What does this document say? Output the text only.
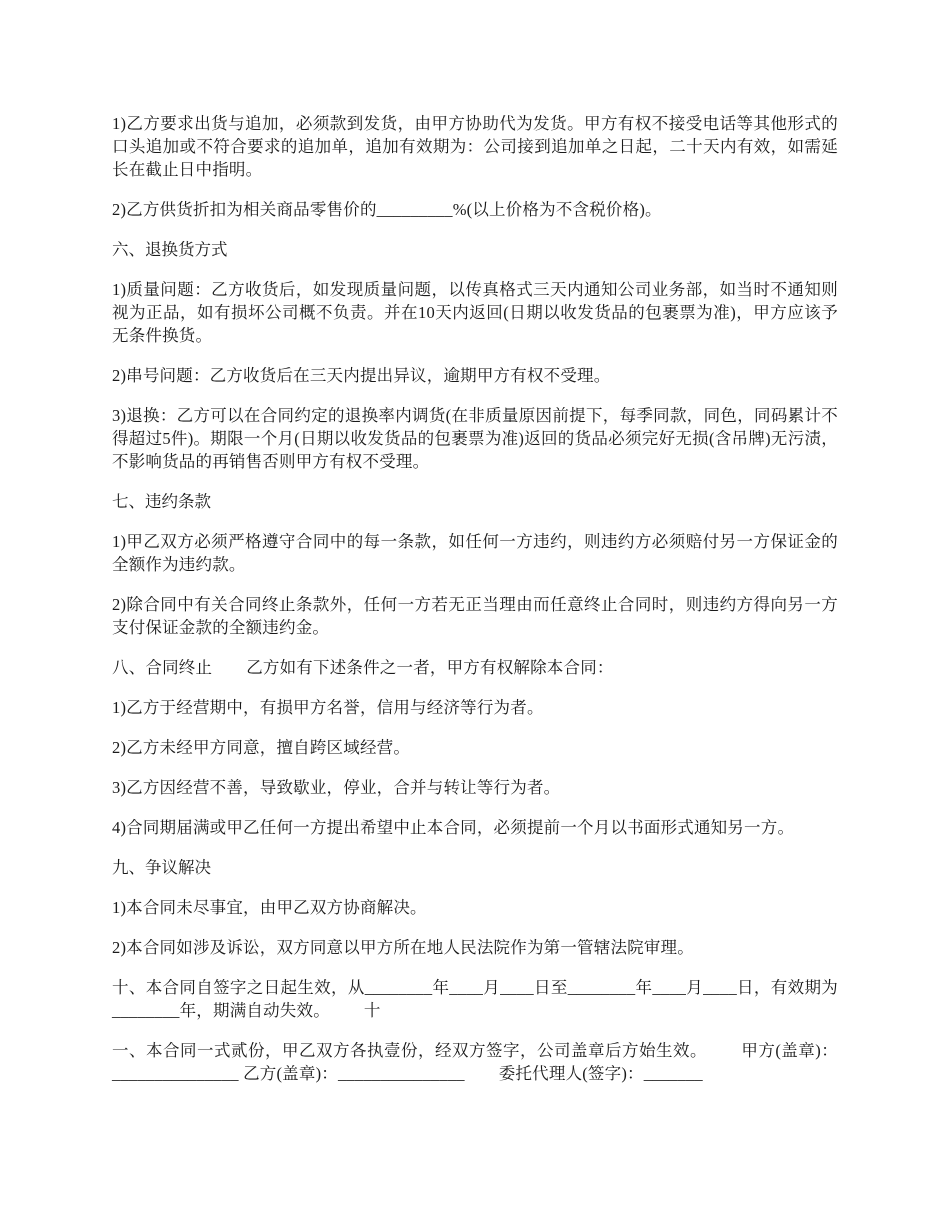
1)乙方要求出货与追加，必须款到发货，由甲方协助代为发货。甲方有权不接受电话等其他形式的口头追加或不符合要求的追加单，追加有效期为：公司接到追加单之日起，二十天内有效，如需延长在截止日中指明。

2)乙方供货折扣为相关商品零售价的_________%(以上价格为不含税价格)。

六、退换货方式

1)质量问题：乙方收货后，如发现质量问题，以传真格式三天内通知公司业务部，如当时不通知则视为正品，如有损坏公司概不负责。并在10天内返回(日期以收发货品的包裹票为准)，甲方应该予无条件换货。

2)串号问题：乙方收货后在三天内提出异议，逾期甲方有权不受理。

3)退换：乙方可以在合同约定的退换率内调货(在非质量原因前提下，每季同款，同色，同码累计不得超过5件)。期限一个月(日期以收发货品的包裹票为准)返回的货品必须完好无损(含吊牌)无污渍，不影响货品的再销售否则甲方有权不受理。

七、违约条款

1)甲乙双方必须严格遵守合同中的每一条款，如任何一方违约，则违约方必须赔付另一方保证金的全额作为违约款。

2)除合同中有关合同终止条款外，任何一方若无正当理由而任意终止合同时，则违约方得向另一方支付保证金款的全额违约金。

八、合同终止 乙方如有下述条件之一者，甲方有权解除本合同：

1)乙方于经营期中，有损甲方名誉，信用与经济等行为者。

2)乙方未经甲方同意，擅自跨区域经营。

3)乙方因经营不善，导致歇业，停业，合并与转让等行为者。

4)合同期届满或甲乙任何一方提出希望中止本合同，必须提前一个月以书面形式通知另一方。

九、争议解决

1)本合同未尽事宜，由甲乙双方协商解决。

2)本合同如涉及诉讼，双方同意以甲方所在地人民法院作为第一管辖法院审理。

十、本合同自签字之日起生效，从________年____月____日至________年____月____日，有效期为________年，期满自动失效。 十

一、本合同一式贰份，甲乙双方各执壹份，经双方签字，公司盖章后方始生效。 甲方(盖章)：_______________ 乙方(盖章)：_______________ 委托代理人(签字)：_______
